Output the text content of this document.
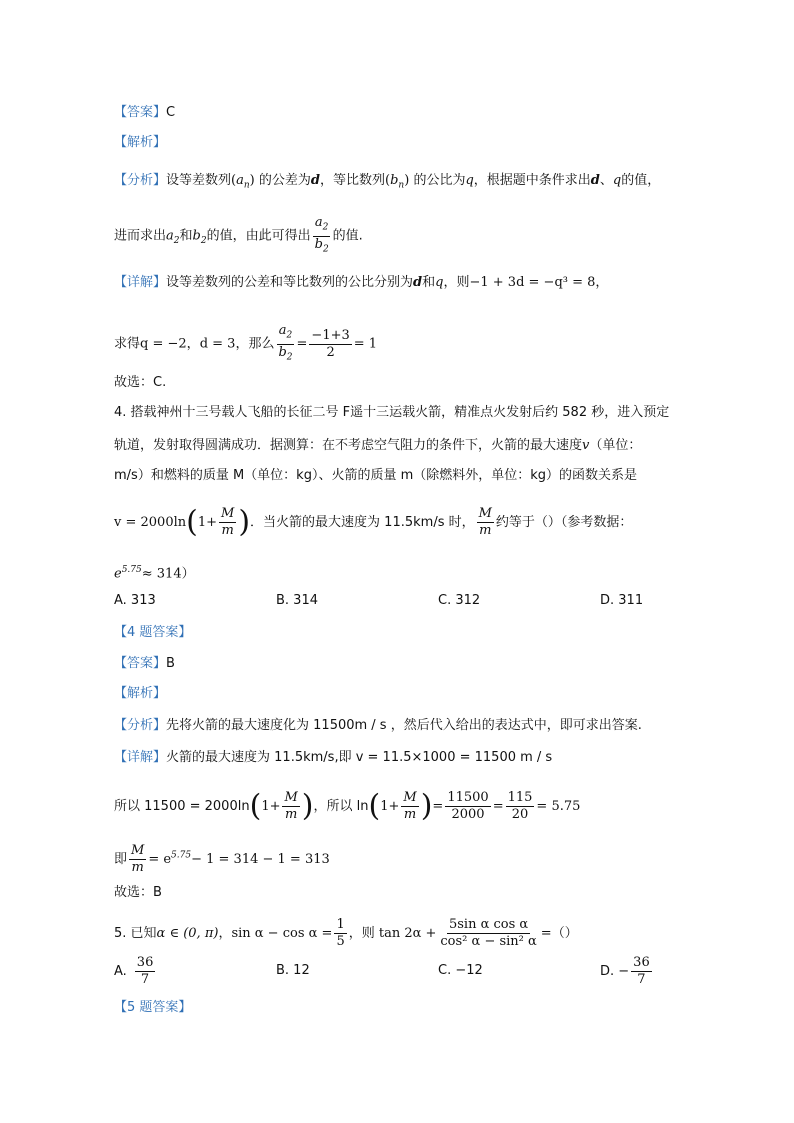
【答案】C
【解析】
【分析】设等差数列$(a_n)$ 的公差为d，等比数列$(b_n)$ 的公比为q，根据题中条件求出d、q的值，
进而求出$a_2$和$b_2$的值，由此可得出 $\frac{a_2}{b_2}$ 的值.
【详解】设等差数列的公差和等比数列的公比分别为d和q，则−1 + 3d = −q³ = 8，
求得q = −2，d = 3，那么 $\frac{a_2}{b_2} = \frac{-1+3}{2} = 1$
故选：C.
4. 搭载神州十三号载人飞船的长征二号 F遥十三运载火箭，精准点火发射后约 582 秒，进入预定
轨道，发射取得圆满成功．据测算：在不考虑空气阻力的条件下，火箭的最大速度v（单位：
m/s）和燃料的质量 M（单位：kg）、火箭的质量 m（除燃料外，单位：kg）的函数关系是
$v = 2000\ln(1+ \frac{M}{m}$ )．当火箭的最大速度为 11.5km/s 时， $\frac{M}{m}$ 约等于（）（参考数据：
$e^{5.75}\approx 314$）
A. 313	B. 314	C. 312	D. 311
【4 题答案】
【答案】B
【解析】
【分析】先将火箭的最大速度化为 11500m / s ，然后代入给出的表达式中，即可求出答案.
【详解】火箭的最大速度为 11.5km/s,即 v = 11.5×1000 = 11500 m / s
所以 $11500 = 2000\ln(1+ \frac{M}{m}$ )，所以 $\ln(1+ \frac{M}{m}$ )= $\frac{11500}{2000} = \frac{115}{20} = 5.75$
即 $\frac{M}{m} = e^{5.75}- 1 = 314 - 1 = 313$
故选：B
5. 已知α ∈ (0, π)，$\sin \alpha - \cos \alpha = \frac{1}{5}$ ，则 $\tan 2\alpha + \frac{\text{5sin α cos α}}{\text{cos² α − sin² α}}$ =（）
A. $\frac{36}{7}$	B. 12	C. −12	D. − $\frac{36}{7}$
【5 题答案】
